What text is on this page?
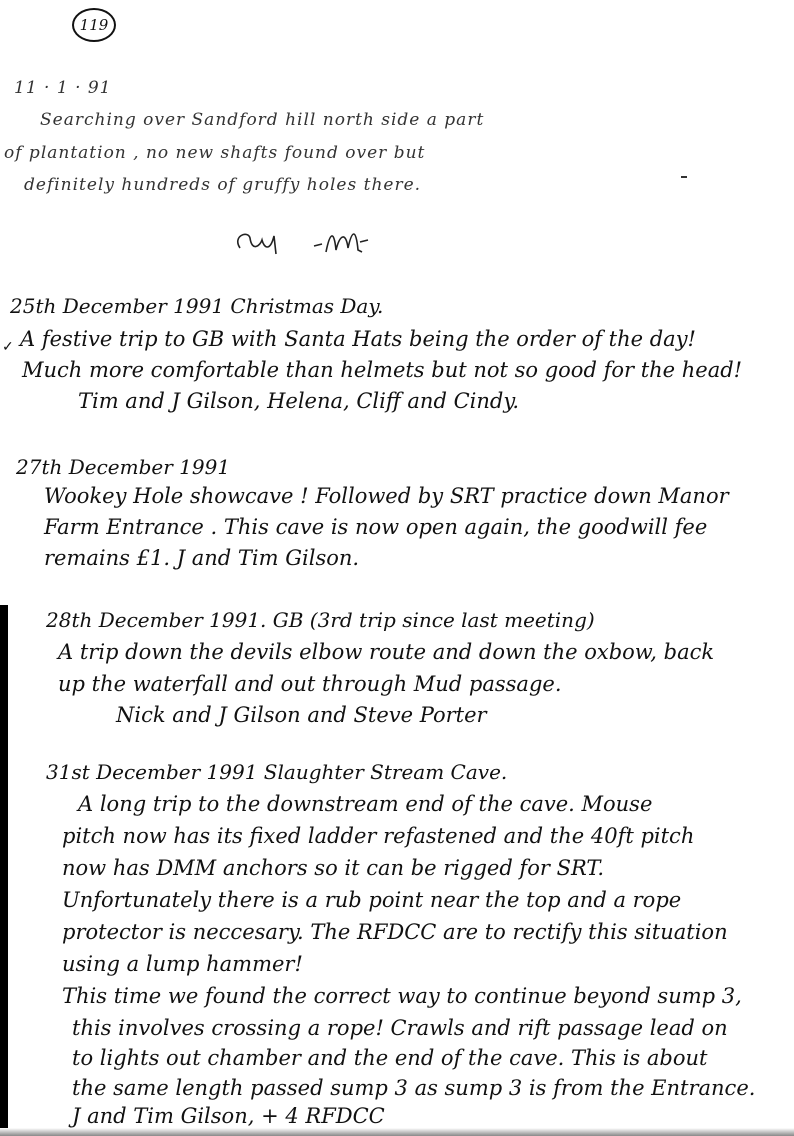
119
11 · 1 · 91
Searching over Sandford hill north side a part
of plantation , no new shafts found over but
definitely hundreds of gruffy holes there.
✓
25th December 1991 Christmas Day.
A festive trip to GB with Santa Hats being the order of the day!
Much more comfortable than helmets but not so good for the head!
Tim and J Gilson, Helena, Cliff and Cindy.
27th December 1991
Wookey Hole showcave ! Followed by SRT practice down Manor
Farm Entrance . This cave is now open again, the goodwill fee
remains £1. J and Tim Gilson.
28th December 1991. GB (3rd trip since last meeting)
A trip down the devils elbow route and down the oxbow, back
up the waterfall and out through Mud passage.
Nick and J Gilson and Steve Porter
31st December 1991 Slaughter Stream Cave.
A long trip to the downstream end of the cave. Mouse
pitch now has its fixed ladder refastened and the 40ft pitch
now has DMM anchors so it can be rigged for SRT.
Unfortunately there is a rub point near the top and a rope
protector is neccesary. The RFDCC are to rectify this situation
using a lump hammer!
This time we found the correct way to continue beyond sump 3,
this involves crossing a rope! Crawls and rift passage lead on
to lights out chamber and the end of the cave. This is about
the same length passed sump 3 as sump 3 is from the Entrance.
J and Tim Gilson, + 4 RFDCC
